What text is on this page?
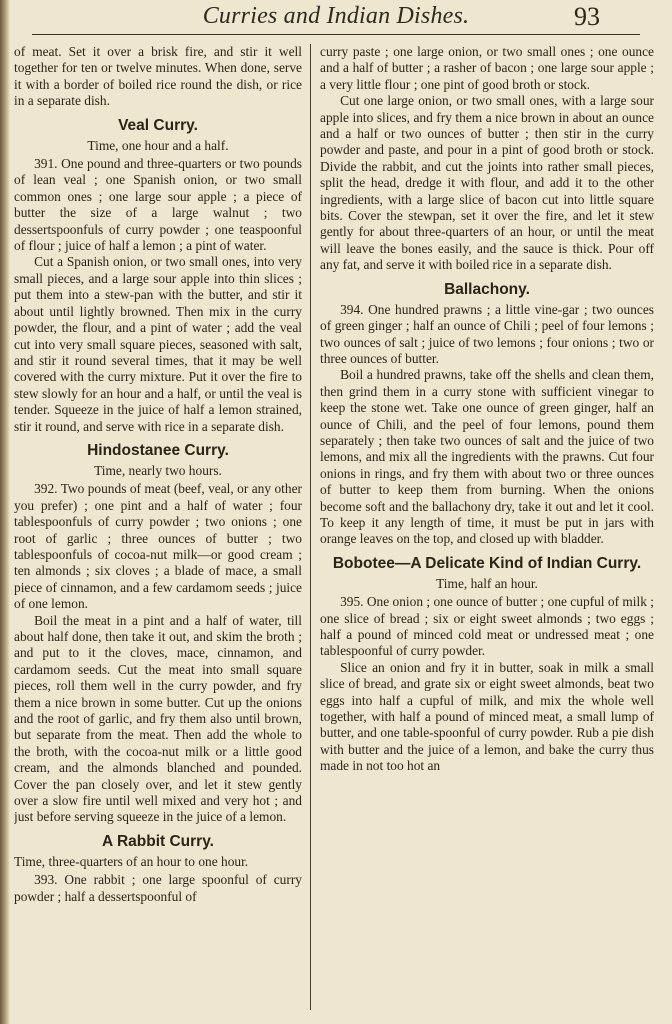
Curries and Indian Dishes.	93

of meat. Set it over a brisk fire, and stir it well together for ten or twelve minutes. When done, serve it with a border of boiled rice round the dish, or rice in a separate dish.

Veal Curry.

Time, one hour and a half.

391. One pound and three-quarters or two pounds of lean veal ; one Spanish onion, or two small common ones ; one large sour apple ; a piece of butter the size of a large walnut ; two dessertspoonfuls of curry powder ; one teaspoonful of flour ; juice of half a lemon ; a pint of water.

Cut a Spanish onion, or two small ones, into very small pieces, and a large sour apple into thin slices ; put them into a stew-pan with the butter, and stir it about until lightly browned. Then mix in the curry powder, the flour, and a pint of water ; add the veal cut into very small square pieces, seasoned with salt, and stir it round several times, that it may be well covered with the curry mixture. Put it over the fire to stew slowly for an hour and a half, or until the veal is tender. Squeeze in the juice of half a lemon strained, stir it round, and serve with rice in a separate dish.

Hindostanee Curry.

Time, nearly two hours.

392. Two pounds of meat (beef, veal, or any other you prefer) ; one pint and a half of water ; four tablespoonfuls of curry powder ; two onions ; one root of garlic ; three ounces of butter ; two tablespoonfuls of cocoa-nut milk—or good cream ; ten almonds ; six cloves ; a blade of mace, a small piece of cinnamon, and a few cardamom seeds ; juice of one lemon.

Boil the meat in a pint and a half of water, till about half done, then take it out, and skim the broth ; and put to it the cloves, mace, cinnamon, and cardamom seeds. Cut the meat into small square pieces, roll them well in the curry powder, and fry them a nice brown in some butter. Cut up the onions and the root of garlic, and fry them also until brown, but separate from the meat. Then add the whole to the broth, with the cocoa-nut milk or a little good cream, and the almonds blanched and pounded. Cover the pan closely over, and let it stew gently over a slow fire until well mixed and very hot ; and just before serving squeeze in the juice of a lemon.

A Rabbit Curry.

Time, three-quarters of an hour to one hour.

393. One rabbit ; one large spoonful of curry powder ; half a dessertspoonful of

curry paste ; one large onion, or two small ones ; one ounce and a half of butter ; a rasher of bacon ; one large sour apple ; a very little flour ; one pint of good broth or stock.

Cut one large onion, or two small ones, with a large sour apple into slices, and fry them a nice brown in about an ounce and a half or two ounces of butter ; then stir in the curry powder and paste, and pour in a pint of good broth or stock. Divide the rabbit, and cut the joints into rather small pieces, split the head, dredge it with flour, and add it to the other ingredients, with a large slice of bacon cut into little square bits. Cover the stewpan, set it over the fire, and let it stew gently for about three-quarters of an hour, or until the meat will leave the bones easily, and the sauce is thick. Pour off any fat, and serve it with boiled rice in a separate dish.

Ballachony.

394. One hundred prawns ; a little vine-gar ; two ounces of green ginger ; half an ounce of Chili ; peel of four lemons ; two ounces of salt ; juice of two lemons ; four onions ; two or three ounces of butter.

Boil a hundred prawns, take off the shells and clean them, then grind them in a curry stone with sufficient vinegar to keep the stone wet. Take one ounce of green ginger, half an ounce of Chili, and the peel of four lemons, pound them separately ; then take two ounces of salt and the juice of two lemons, and mix all the ingredients with the prawns. Cut four onions in rings, and fry them with about two or three ounces of butter to keep them from burning. When the onions become soft and the ballachony dry, take it out and let it cool. To keep it any length of time, it must be put in jars with orange leaves on the top, and closed up with bladder.

Bobotee—A Delicate Kind of Indian Curry.

Time, half an hour.

395. One onion ; one ounce of butter ; one cupful of milk ; one slice of bread ; six or eight sweet almonds ; two eggs ; half a pound of minced cold meat or undressed meat ; one tablespoonful of curry powder.

Slice an onion and fry it in butter, soak in milk a small slice of bread, and grate six or eight sweet almonds, beat two eggs into half a cupful of milk, and mix the whole well together, with half a pound of minced meat, a small lump of butter, and one table-spoonful of curry powder. Rub a pie dish with butter and the juice of a lemon, and bake the curry thus made in not too hot an
